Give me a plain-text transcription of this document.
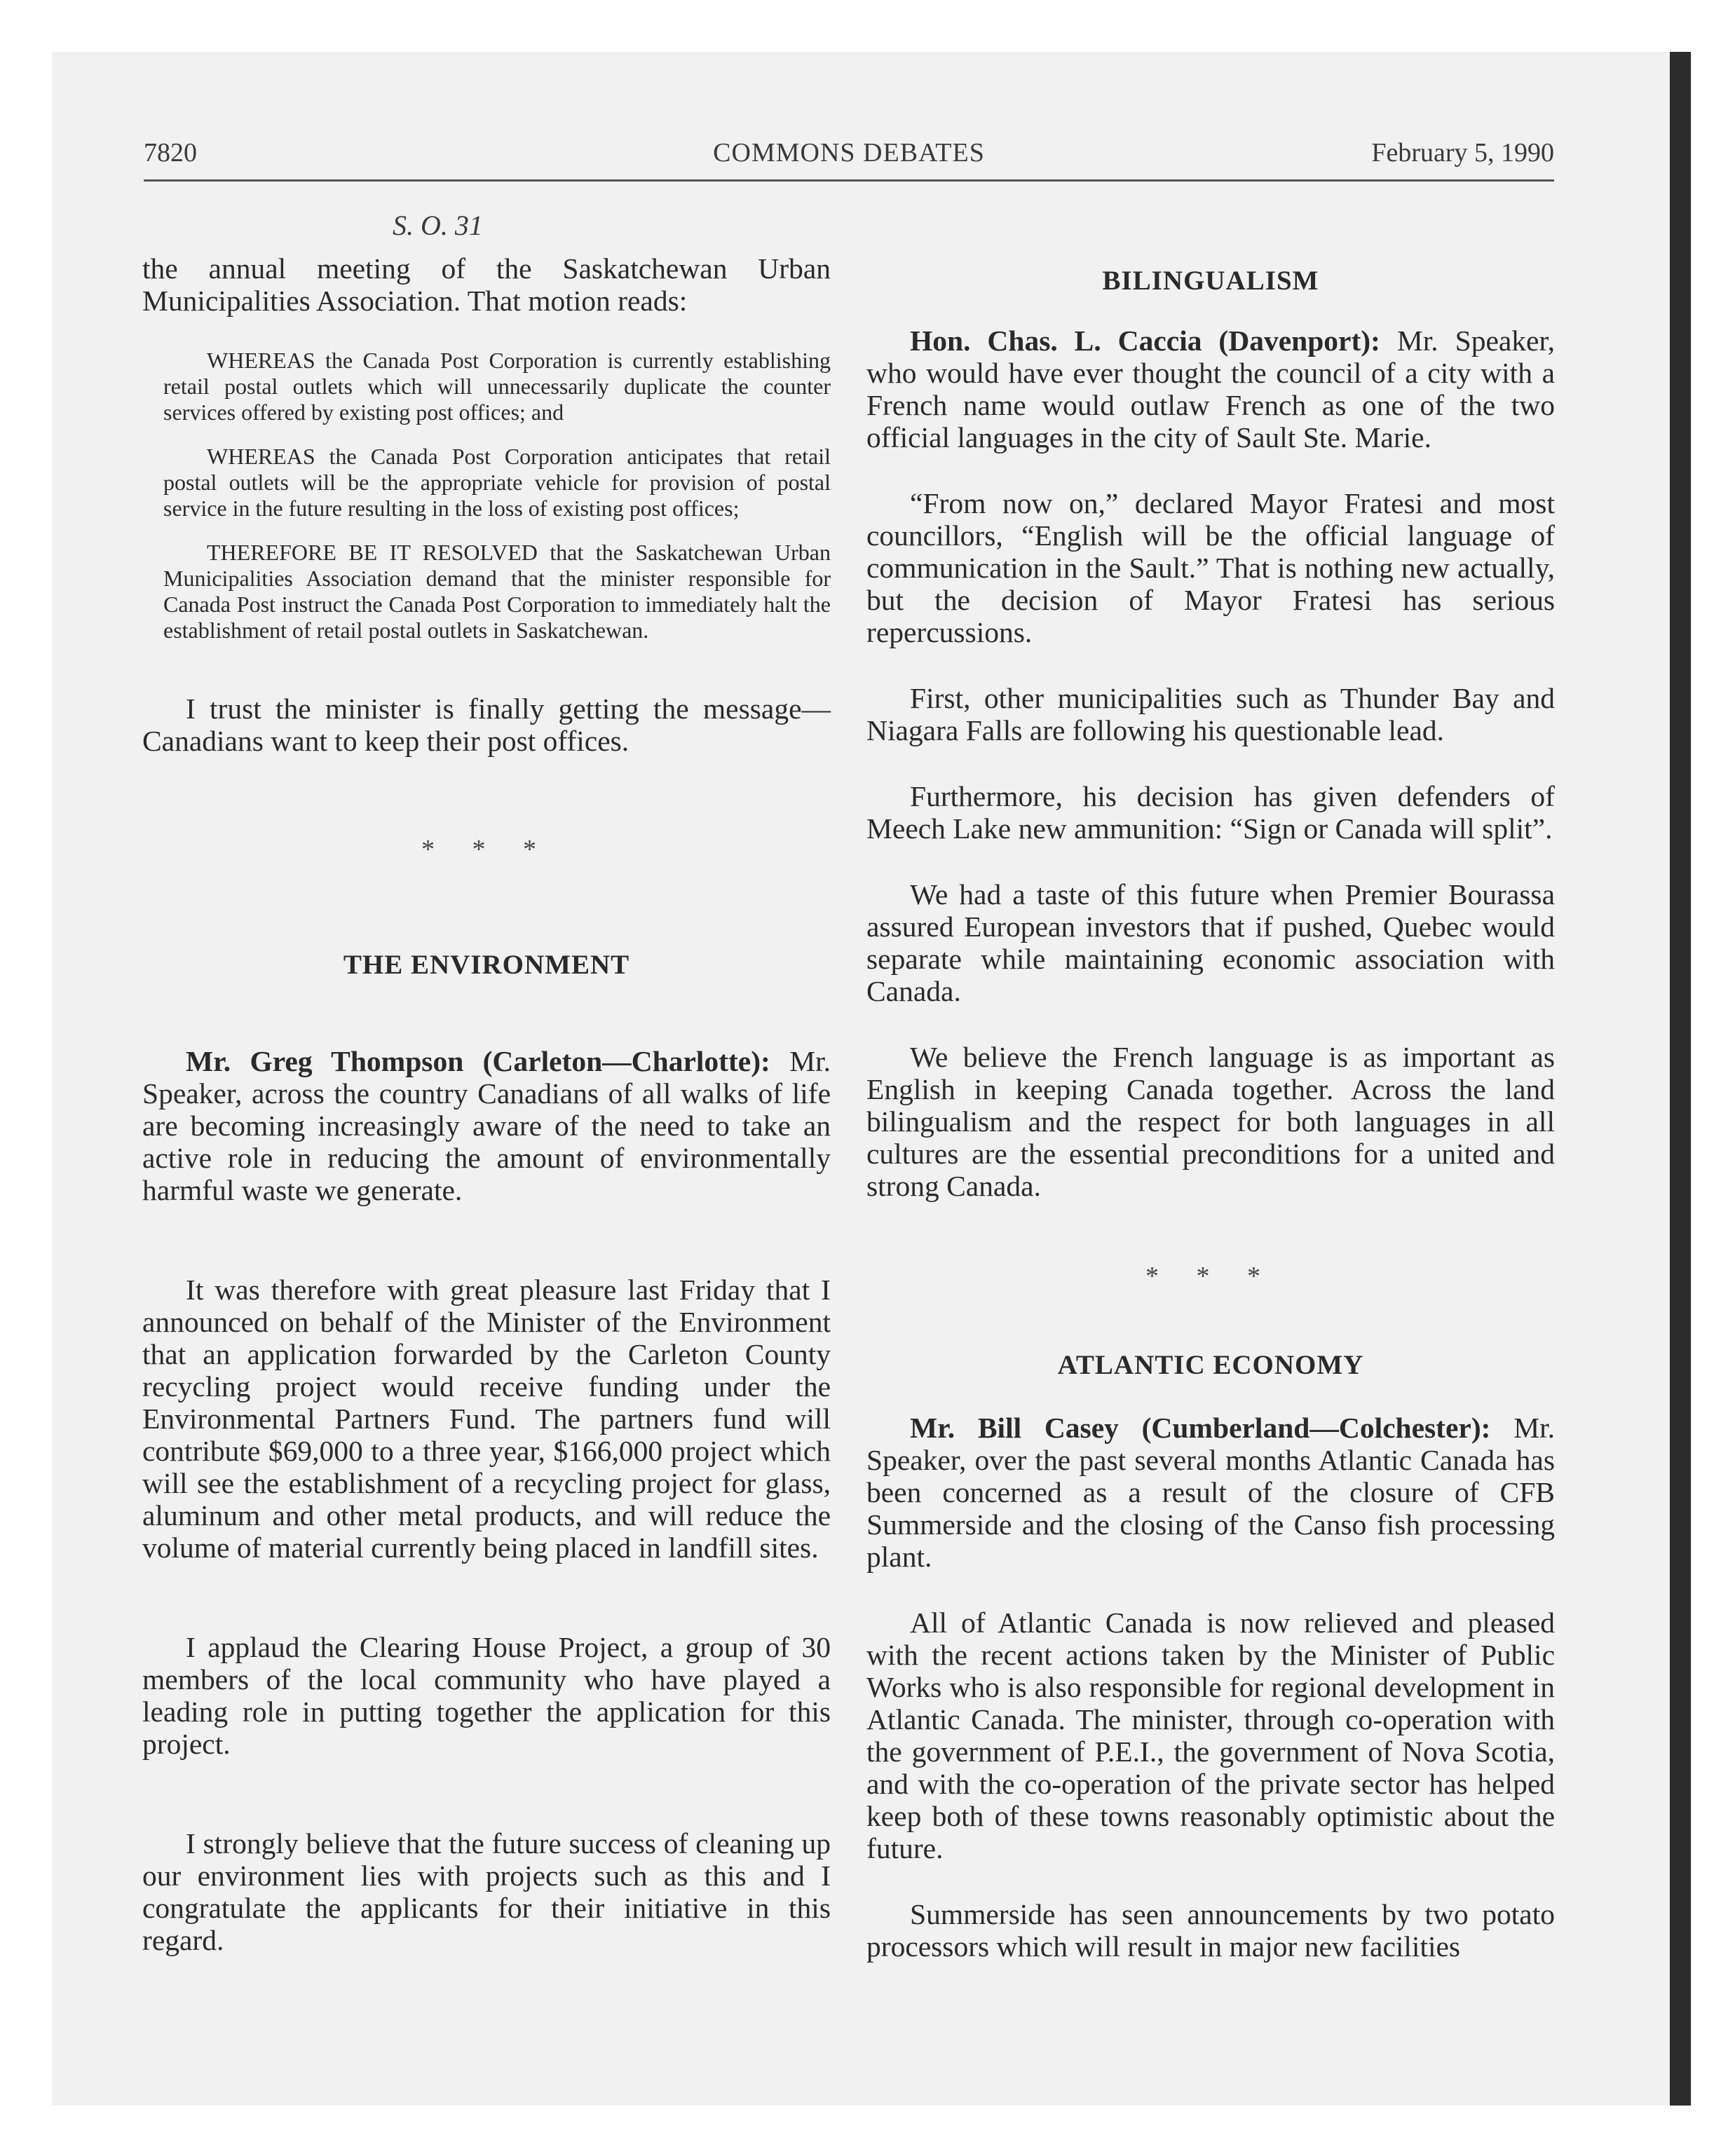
7820	COMMONS DEBATES	February 5, 1990
S. O. 31

the annual meeting of the Saskatchewan Urban Municipalities Association. That motion reads:

WHEREAS the Canada Post Corporation is currently establishing retail postal outlets which will unnecessarily duplicate the counter services offered by existing post offices; and

WHEREAS the Canada Post Corporation anticipates that retail postal outlets will be the appropriate vehicle for provision of postal service in the future resulting in the loss of existing post offices;

THEREFORE BE IT RESOLVED that the Saskatchewan Urban Municipalities Association demand that the minister responsible for Canada Post instruct the Canada Post Corporation to immediately halt the establishment of retail postal outlets in Saskatchewan.

I trust the minister is finally getting the message—Canadians want to keep their post offices.

* * *
THE ENVIRONMENT

Mr. Greg Thompson (Carleton—Charlotte): Mr. Speaker, across the country Canadians of all walks of life are becoming increasingly aware of the need to take an active role in reducing the amount of environmentally harmful waste we generate.

It was therefore with great pleasure last Friday that I announced on behalf of the Minister of the Environment that an application forwarded by the Carleton County recycling project would receive funding under the Environmental Partners Fund. The partners fund will contribute $69,000 to a three year, $166,000 project which will see the establishment of a recycling project for glass, aluminum and other metal products, and will reduce the volume of material currently being placed in landfill sites.

I applaud the Clearing House Project, a group of 30 members of the local community who have played a leading role in putting together the application for this project.

I strongly believe that the future success of cleaning up our environment lies with projects such as this and I congratulate the applicants for their initiative in this regard.

BILINGUALISM

Hon. Chas. L. Caccia (Davenport): Mr. Speaker, who would have ever thought the council of a city with a French name would outlaw French as one of the two official languages in the city of Sault Ste. Marie.

“From now on,” declared Mayor Fratesi and most councillors, “English will be the official language of communication in the Sault.” That is nothing new actually, but the decision of Mayor Fratesi has serious repercussions.

First, other municipalities such as Thunder Bay and Niagara Falls are following his questionable lead.

Furthermore, his decision has given defenders of Meech Lake new ammunition: “Sign or Canada will split”.

We had a taste of this future when Premier Bourassa assured European investors that if pushed, Quebec would separate while maintaining economic association with Canada.

We believe the French language is as important as English in keeping Canada together. Across the land bilingualism and the respect for both languages in all cultures are the essential preconditions for a united and strong Canada.

* * *
ATLANTIC ECONOMY

Mr. Bill Casey (Cumberland—Colchester): Mr. Speaker, over the past several months Atlantic Canada has been concerned as a result of the closure of CFB Summerside and the closing of the Canso fish processing plant.

All of Atlantic Canada is now relieved and pleased with the recent actions taken by the Minister of Public Works who is also responsible for regional development in Atlantic Canada. The minister, through co-operation with the government of P.E.I., the government of Nova Scotia, and with the co-operation of the private sector has helped keep both of these towns reasonably optimistic about the future.

Summerside has seen announcements by two potato processors which will result in major new facilities
